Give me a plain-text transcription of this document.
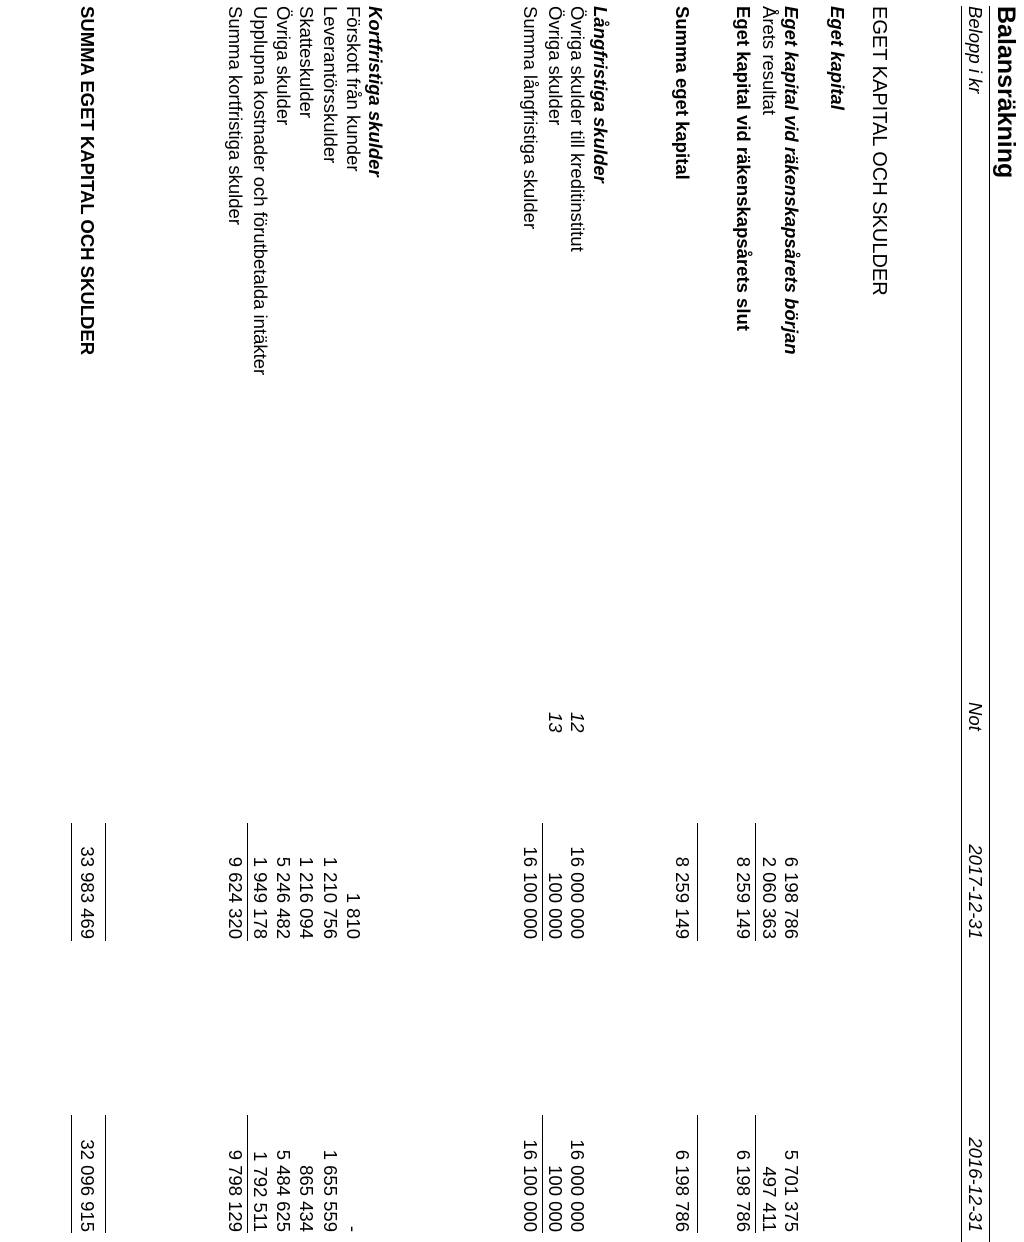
Balansräkning
Belopp i kr
Not
2017-12-31
2016-12-31
EGET KAPITAL OCH SKULDER
Eget kapital
Eget kapital vid räkenskapsårets början
6 198 786
5 701 375
Årets resultat
2 060 363
497 411
Eget kapital vid räkenskapsårets slut
8 259 149
6 198 786
Summa eget kapital
8 259 149
6 198 786
Långfristiga skulder
Övriga skulder till kreditinstitut
12
16 000 000
16 000 000
Övriga skulder
13
100 000
100 000
Summa långfristiga skulder
16 100 000
16 100 000
Kortfristiga skulder
Förskott från kunder
1 810
-
Leverantörsskulder
1 210 756
1 655 559
Skatteskulder
1 216 094
865 434
Övriga skulder
5 246 482
5 484 625
Upplupna kostnader och förutbetalda intäkter
1 949 178
1 792 511
Summa kortfristiga skulder
9 624 320
9 798 129
SUMMA EGET KAPITAL OCH SKULDER
33 983 469
32 096 915
